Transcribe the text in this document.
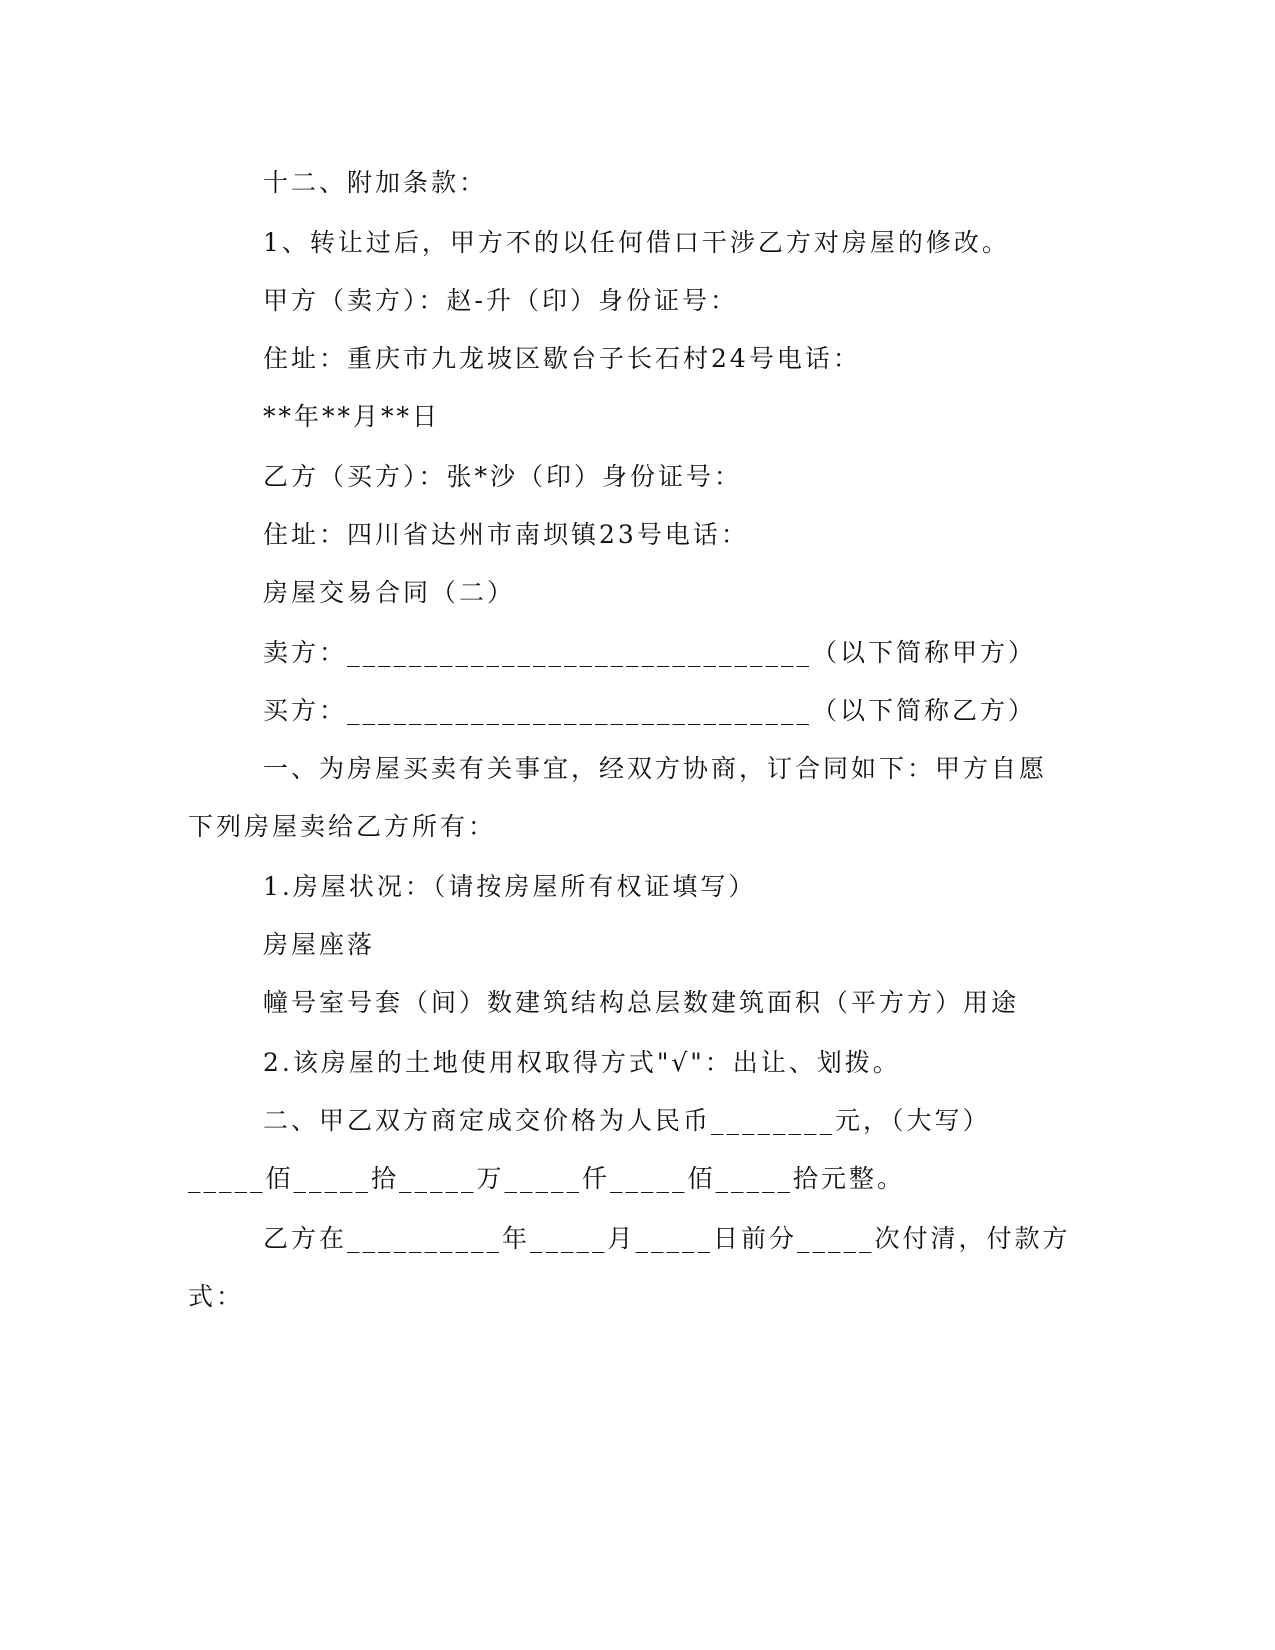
十二、附加条款：

1、转让过后，甲方不的以任何借口干涉乙方对房屋的修改。

甲方（卖方）：赵-升（印）身份证号：

住址：重庆市九龙坡区歇台子长石村24号电话：

**年**月**日

乙方（买方）：张*沙（印）身份证号：

住址：四川省达州市南坝镇23号电话：

房屋交易合同（二）

卖方：______________________________（以下简称甲方）

买方：______________________________（以下简称乙方）

一、为房屋买卖有关事宜，经双方协商，订合同如下：甲方自愿

下列房屋卖给乙方所有：

1.房屋状况：（请按房屋所有权证填写）

房屋座落

幢号室号套（间）数建筑结构总层数建筑面积（平方方）用途

2.该房屋的土地使用权取得方式"√"：出让、划拨。

二、甲乙双方商定成交价格为人民币________元，（大写）

_____佰_____拾_____万_____仟_____佰_____拾元整。

乙方在__________年_____月_____日前分_____次付清，付款方

式：
